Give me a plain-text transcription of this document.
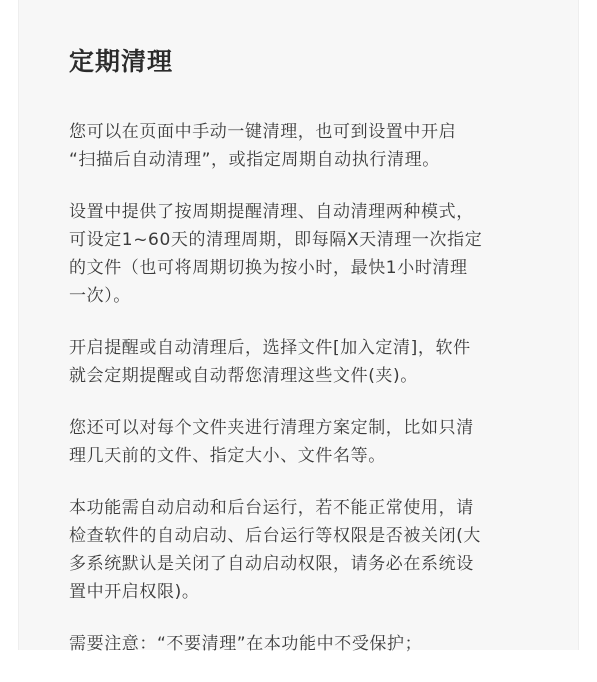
定期清理

您可以在页面中手动一键清理，也可到设置中开启
“扫描后自动清理”，或指定周期自动执行清理。

设置中提供了按周期提醒清理、自动清理两种模式，
可设定1~60天的清理周期，即每隔X天清理一次指定
的文件（也可将周期切换为按小时，最快1小时清理
一次）。

开启提醒或自动清理后，选择文件[加入定清]，软件
就会定期提醒或自动帮您清理这些文件(夹)。

您还可以对每个文件夹进行清理方案定制，比如只清
理几天前的文件、指定大小、文件名等。

本功能需自动启动和后台运行，若不能正常使用，请
检查软件的自动启动、后台运行等权限是否被关闭(大
多系统默认是关闭了自动启动权限，请务必在系统设
置中开启权限)。

需要注意：“不要清理”在本功能中不受保护；
